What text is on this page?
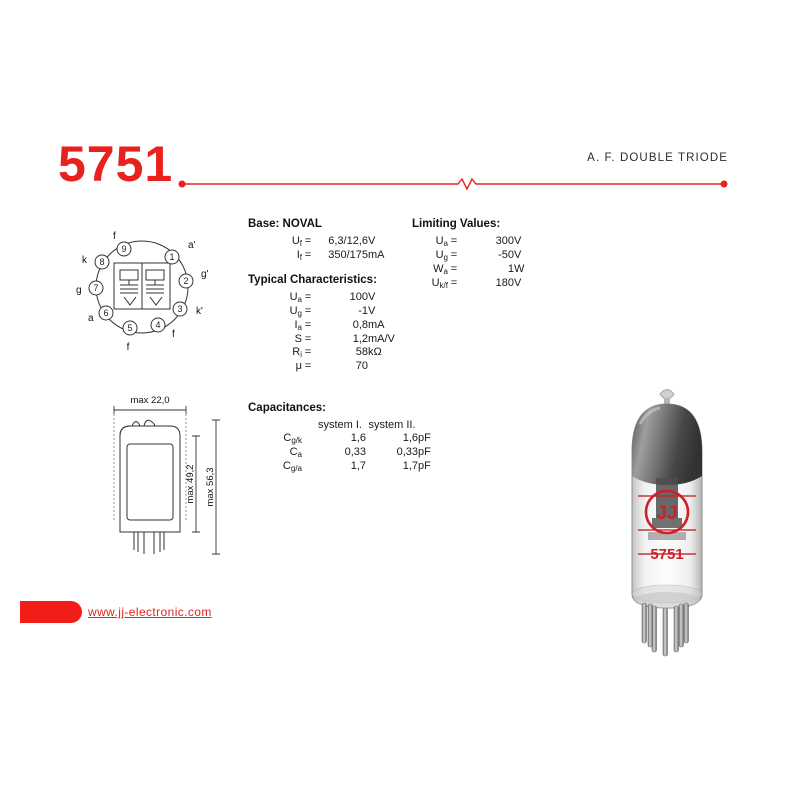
5751	A. F. DOUBLE TRIODE
1
2
3
4
5
6
7
8
9	a'
g'
k'
f
f
a
g
k
f
max 22,0
max 49,2 max 56,3
Base: NOVAL
$U_f$	=	6,3/12,6	V
$I_f$	=	350/175	mA
Typical Characteristics:
$U_a$	=	100	V
$U_g$	=	-1	V
$I_a$	=	0,8	mA
S	=	1,2	mA/V
$R_i$	=	58	kΩ
μ	=	70	
Limiting Values:
$U_a$	=	300	V
$U_g$	=	-50	V
$W_a$	=	1	W
$U_{k/f}$	=	180	V
Capacitances:
		system I.	system II.	
$C_{g/k}$		1,6	1,6	pF
$C_a$		0,33	0,33	pF
$C_{g/a}$		1,7	1,7	pF
www.jj-electronic.com
JJ
5751
